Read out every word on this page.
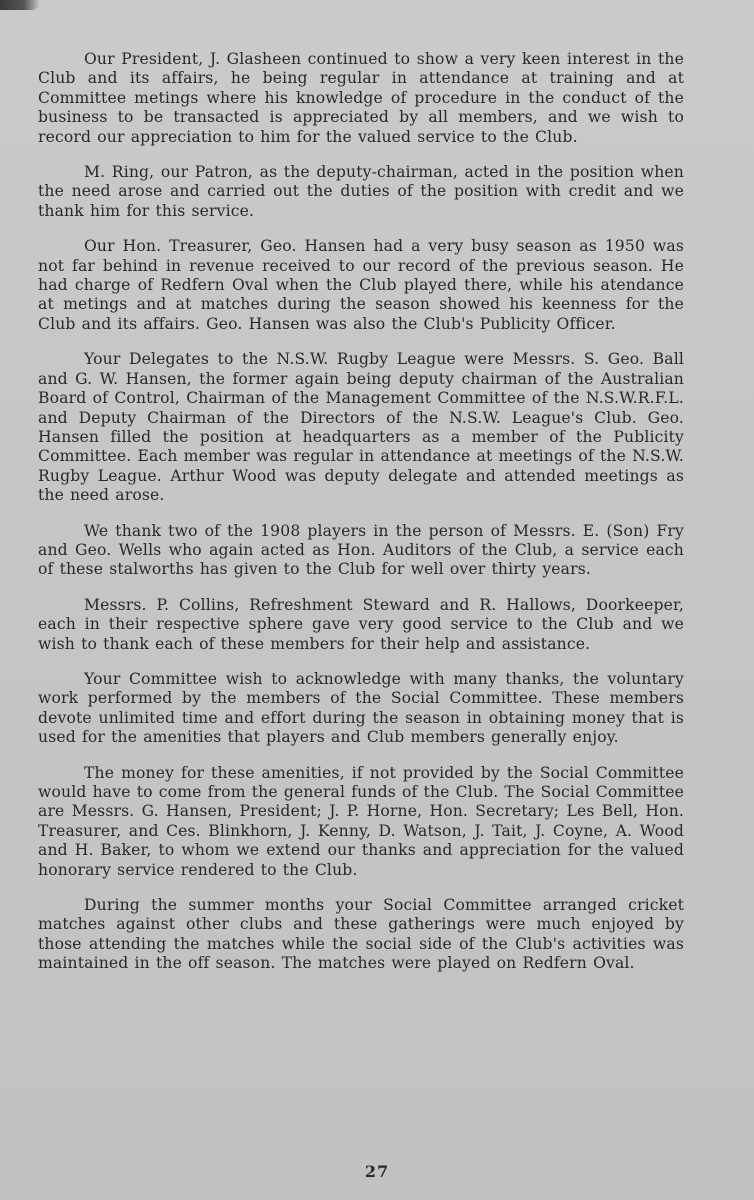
Our President, J. Glasheen continued to show a very keen interest in the Club and its affairs, he being regular in attendance at training and at Committee metings where his knowledge of procedure in the conduct of the business to be transacted is appreciated by all members, and we wish to record our appreciation to him for the valued service to the Club.

M. Ring, our Patron, as the deputy-chairman, acted in the position when the need arose and carried out the duties of the position with credit and we thank him for this service.

Our Hon. Treasurer, Geo. Hansen had a very busy season as 1950 was not far behind in revenue received to our record of the previous season. He had charge of Redfern Oval when the Club played there, while his atendance at metings and at matches during the season showed his keenness for the Club and its affairs. Geo. Hansen was also the Club's Publicity Officer.

Your Delegates to the N.S.W. Rugby League were Messrs. S. Geo. Ball and G. W. Hansen, the former again being deputy chairman of the Australian Board of Control, Chairman of the Management Committee of the N.S.W.R.F.L. and Deputy Chairman of the Directors of the N.S.W. League's Club. Geo. Hansen filled the position at headquarters as a member of the Publicity Committee. Each member was regular in attendance at meetings of the N.S.W. Rugby League. Arthur Wood was deputy delegate and attended meetings as the need arose.

We thank two of the 1908 players in the person of Messrs. E. (Son) Fry and Geo. Wells who again acted as Hon. Auditors of the Club, a service each of these stalworths has given to the Club for well over thirty years.

Messrs. P. Collins, Refreshment Steward and R. Hallows, Doorkeeper, each in their respective sphere gave very good service to the Club and we wish to thank each of these members for their help and assistance.

Your Committee wish to acknowledge with many thanks, the voluntary work performed by the members of the Social Committee. These members devote unlimited time and effort during the season in obtaining money that is used for the amenities that players and Club members generally enjoy.

The money for these amenities, if not provided by the Social Committee would have to come from the general funds of the Club. The Social Committee are Messrs. G. Hansen, President; J. P. Horne, Hon. Secretary; Les Bell, Hon. Treasurer, and Ces. Blinkhorn, J. Kenny, D. Watson, J. Tait, J. Coyne, A. Wood and H. Baker, to whom we extend our thanks and appreciation for the valued honorary service rendered to the Club.

During the summer months your Social Committee arranged cricket matches against other clubs and these gatherings were much enjoyed by those attending the matches while the social side of the Club's activities was maintained in the off season. The matches were played on Redfern Oval.

27
